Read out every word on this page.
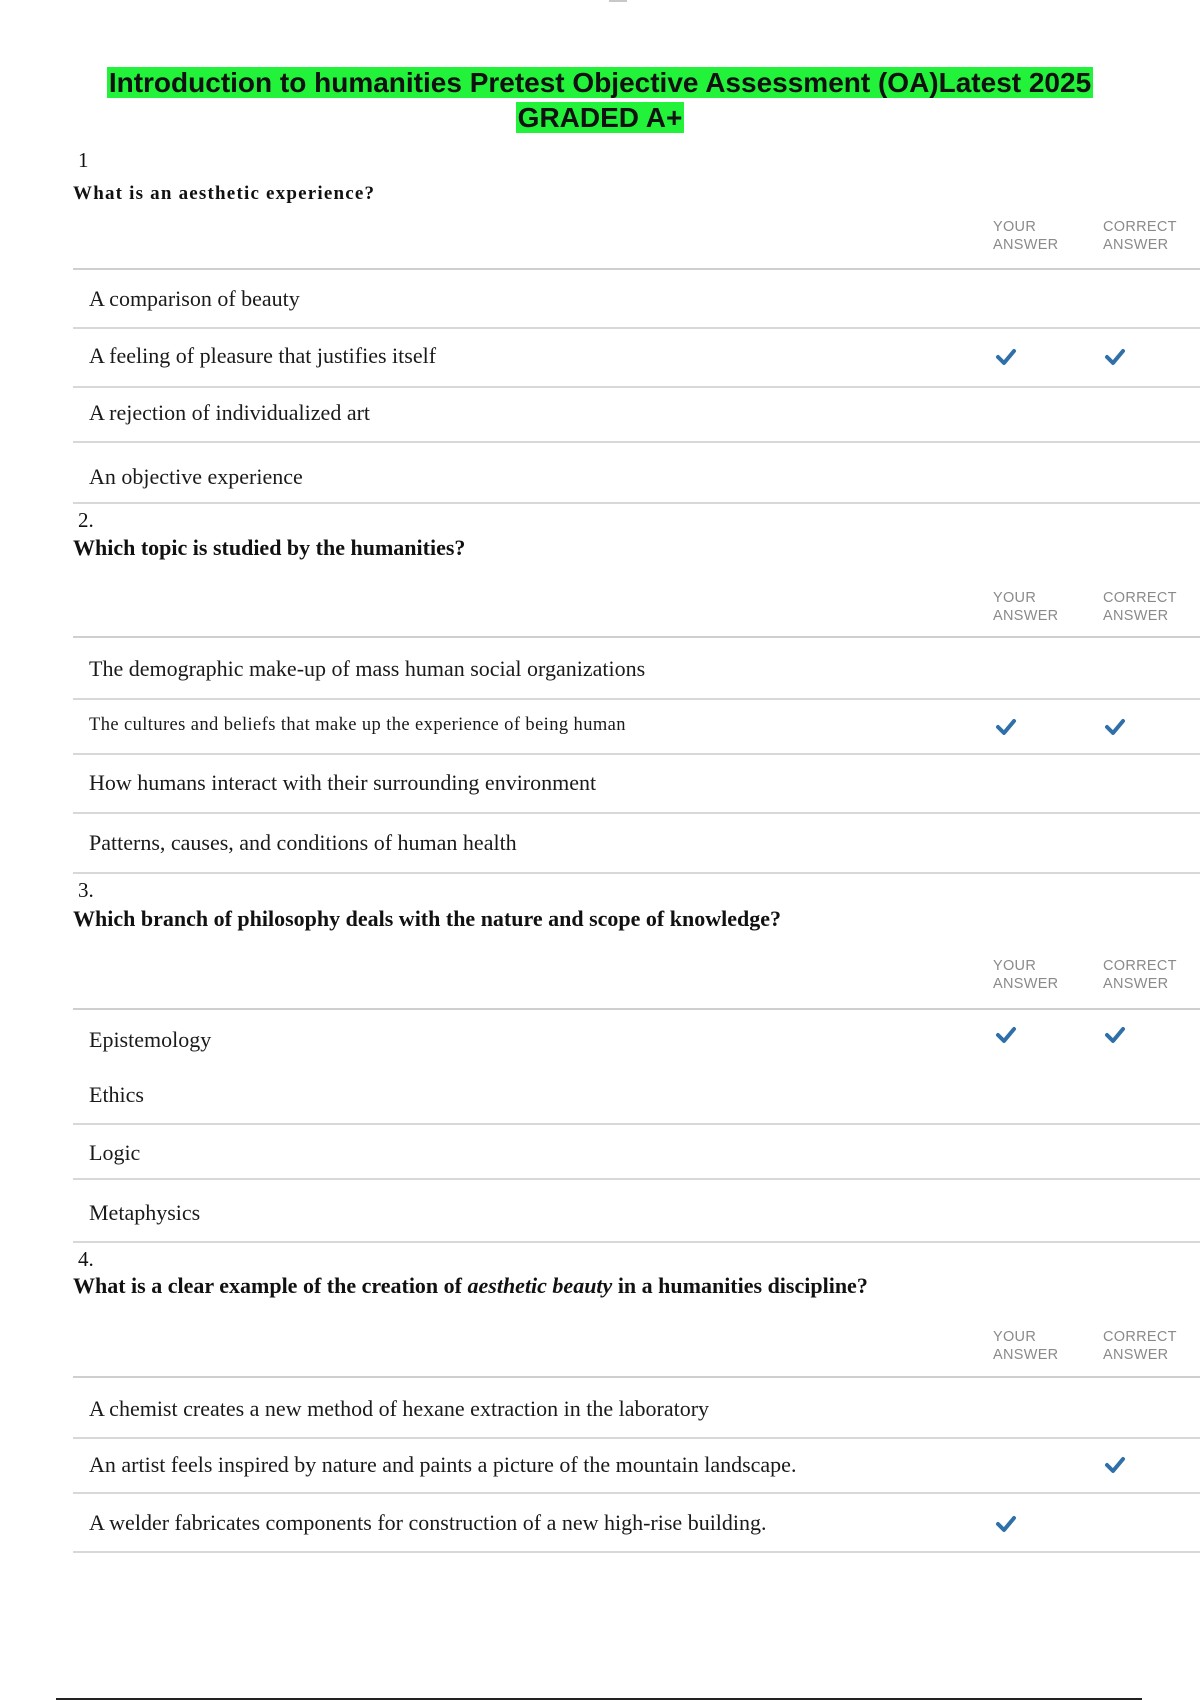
Introduction to humanities Pretest Objective Assessment (OA)Latest 2025
GRADED A+
1
What is an aesthetic experience?
YOUR
ANSWER
CORRECT
ANSWER
A comparison of beauty
A feeling of pleasure that justifies itself
A rejection of individualized art
An objective experience
2.
Which topic is studied by the humanities?
YOUR
ANSWER
CORRECT
ANSWER
The demographic make-up of mass human social organizations
The cultures and beliefs that make up the experience of being human
How humans interact with their surrounding environment
Patterns, causes, and conditions of human health
3.
Which branch of philosophy deals with the nature and scope of knowledge?
YOUR
ANSWER
CORRECT
ANSWER
Epistemology
Ethics
Logic
Metaphysics
4.
What is a clear example of the creation of aesthetic beauty in a humanities discipline?
YOUR
ANSWER
CORRECT
ANSWER
A chemist creates a new method of hexane extraction in the laboratory
An artist feels inspired by nature and paints a picture of the mountain landscape.
A welder fabricates components for construction of a new high-rise building.
